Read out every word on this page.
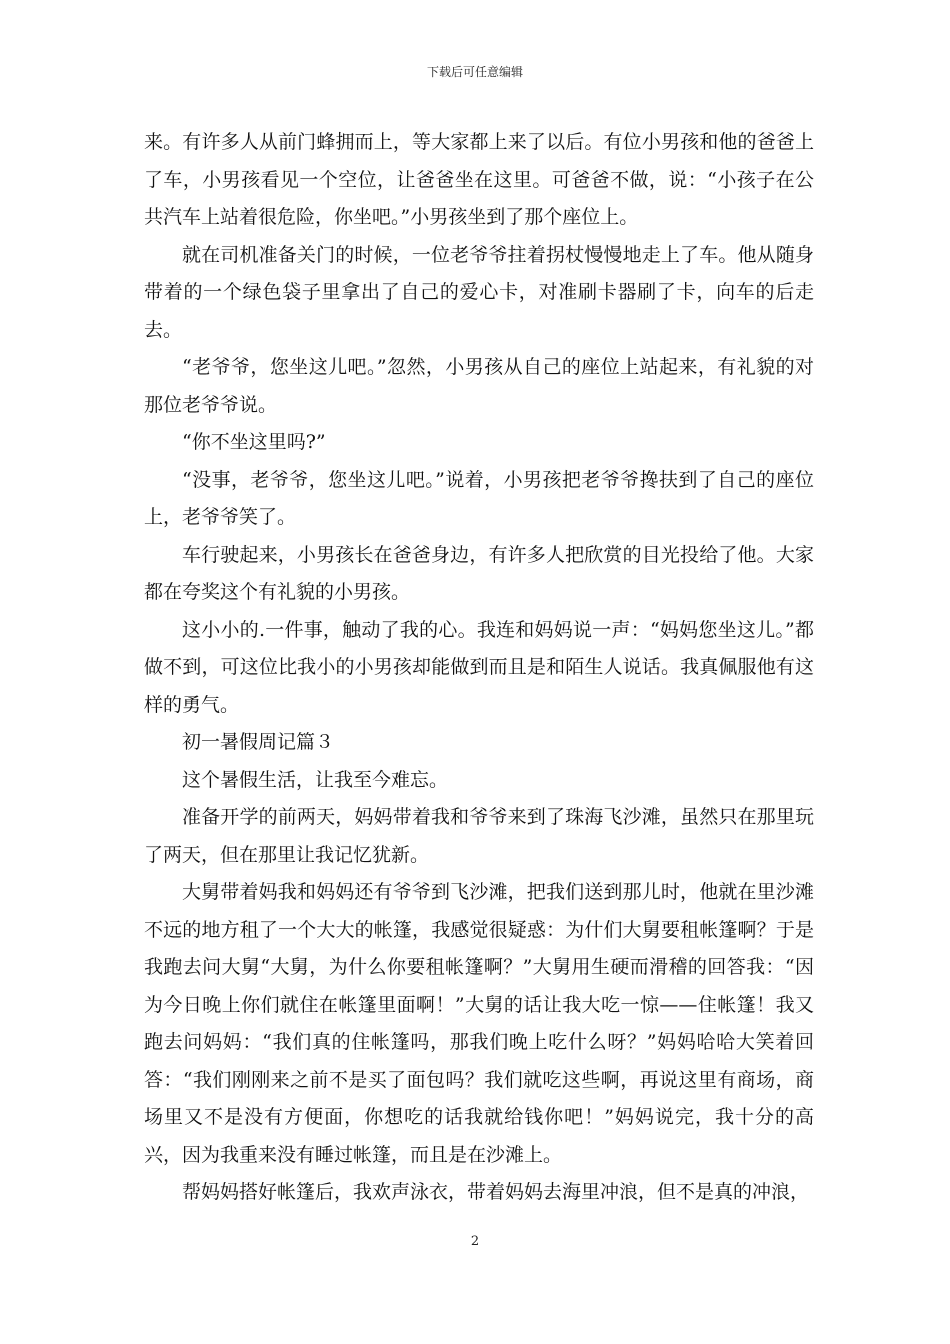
下载后可任意编辑

来。有许多人从前门蜂拥而上，等大家都上来了以后。有位小男孩和他的爸爸上了车，小男孩看见一个空位，让爸爸坐在这里。可爸爸不做，说：“小孩子在公共汽车上站着很危险，你坐吧。”小男孩坐到了那个座位上。

就在司机准备关门的时候，一位老爷爷拄着拐杖慢慢地走上了车。他从随身带着的一个绿色袋子里拿出了自己的爱心卡，对准刷卡器刷了卡，向车的后走去。

“老爷爷，您坐这儿吧。”忽然，小男孩从自己的座位上站起来，有礼貌的对那位老爷爷说。

“你不坐这里吗?”

“没事，老爷爷，您坐这儿吧。”说着，小男孩把老爷爷搀扶到了自己的座位上，老爷爷笑了。

车行驶起来，小男孩长在爸爸身边，有许多人把欣赏的目光投给了他。大家都在夸奖这个有礼貌的小男孩。

这小小的.一件事，触动了我的心。我连和妈妈说一声：“妈妈您坐这儿。”都做不到，可这位比我小的小男孩却能做到而且是和陌生人说话。我真佩服他有这样的勇气。

初一暑假周记篇３

这个暑假生活，让我至今难忘。

准备开学的前两天，妈妈带着我和爷爷来到了珠海飞沙滩，虽然只在那里玩了两天，但在那里让我记忆犹新。

大舅带着妈我和妈妈还有爷爷到飞沙滩，把我们送到那儿时，他就在里沙滩不远的地方租了一个大大的帐篷，我感觉很疑惑：为什们大舅要租帐篷啊？于是我跑去问大舅“大舅，为什么你要租帐篷啊？”大舅用生硬而滑稽的回答我：“因为今日晚上你们就住在帐篷里面啊！”大舅的话让我大吃一惊——住帐篷！我又跑去问妈妈：“我们真的住帐篷吗，那我们晚上吃什么呀？”妈妈哈哈大笑着回答：“我们刚刚来之前不是买了面包吗？我们就吃这些啊，再说这里有商场，商场里又不是没有方便面，你想吃的话我就给钱你吧！”妈妈说完，我十分的高兴，因为我重来没有睡过帐篷，而且是在沙滩上。

帮妈妈搭好帐篷后，我欢声泳衣，带着妈妈去海里冲浪，但不是真的冲浪，

2
